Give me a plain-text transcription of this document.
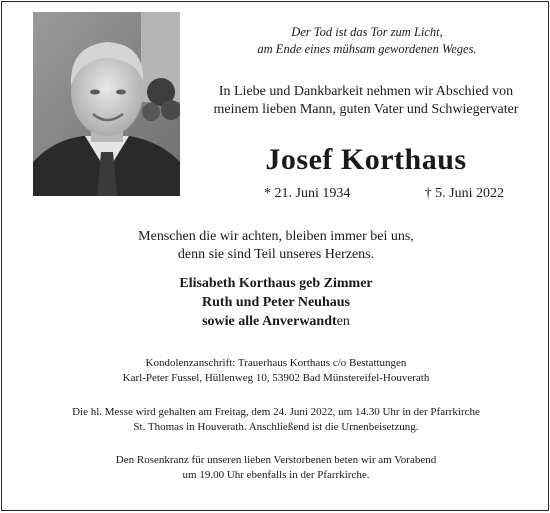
Der Tod ist das Tor zum Licht,
am Ende eines mühsam gewordenen Weges.
In Liebe und Dankbarkeit nehmen wir Abschied von
meinem lieben Mann, guten Vater und Schwiegervater
Josef Korthaus
* 21. Juni 1934	† 5. Juni 2022
Menschen die wir achten, bleiben immer bei uns,
denn sie sind Teil unseres Herzens.
Elisabeth Korthaus geb Zimmer
Ruth und Peter Neuhaus
sowie alle Anverwandten
Kondolenzanschrift: Trauerhaus Korthaus c/o Bestattungen
Karl-Peter Fussel, Hüllenweg 10, 53902 Bad Münstereifel-Houverath
Die hl. Messe wird gehalten am Freitag, dem 24. Juni 2022, um 14.30 Uhr in der Pfarrkirche
St. Thomas in Houverath. Anschließend ist die Urnenbeisetzung.
Den Rosenkranz für unseren lieben Verstorbenen beten wir am Vorabend
um 19.00 Uhr ebenfalls in der Pfarrkirche.
